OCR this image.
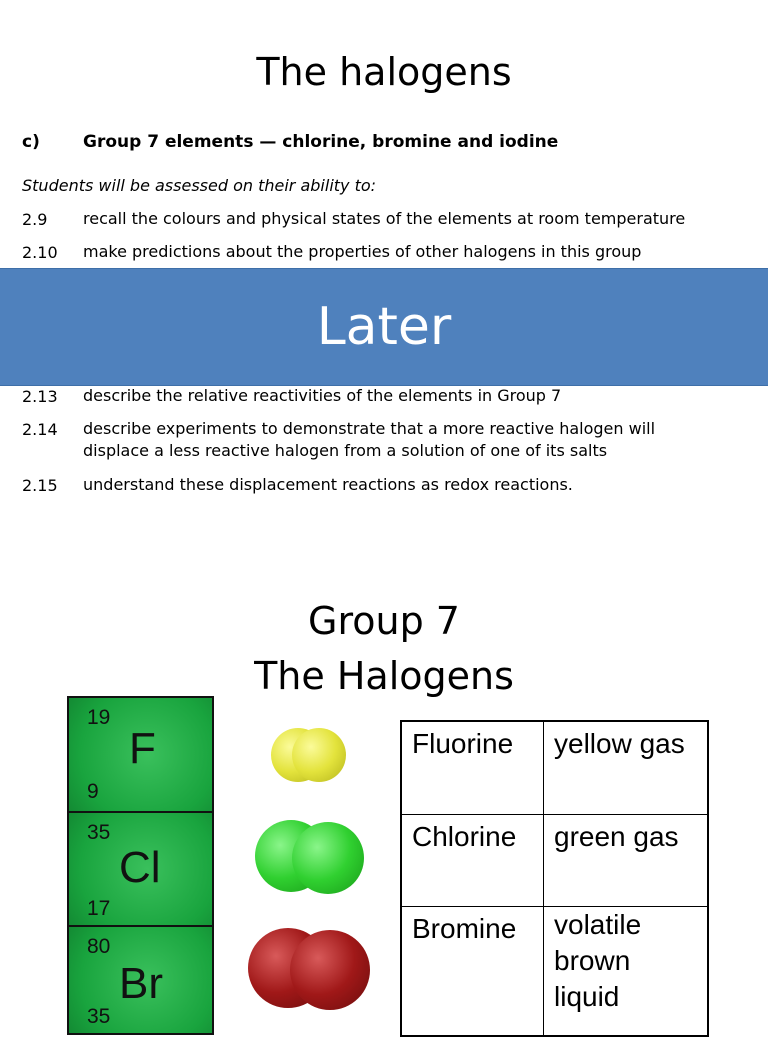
The halogens
c)	Group 7 elements — chlorine, bromine and iodine
Students will be assessed on their ability to:
2.9 recall the colours and physical states of the elements at room temperature
2.10 make predictions about the properties of other halogens in this group
Later
2.13 describe the relative reactivities of the elements in Group 7
2.14 describe experiments to demonstrate that a more reactive halogen will displace a less reactive halogen from a solution of one of its salts
2.15 understand these displacement reactions as redox reactions.
Group 7
The Halogens
19
F
9
35
Cl
17
80
Br
35
Fluorine	yellow gas
Chlorine	green gas
Bromine	volatile brown liquid
